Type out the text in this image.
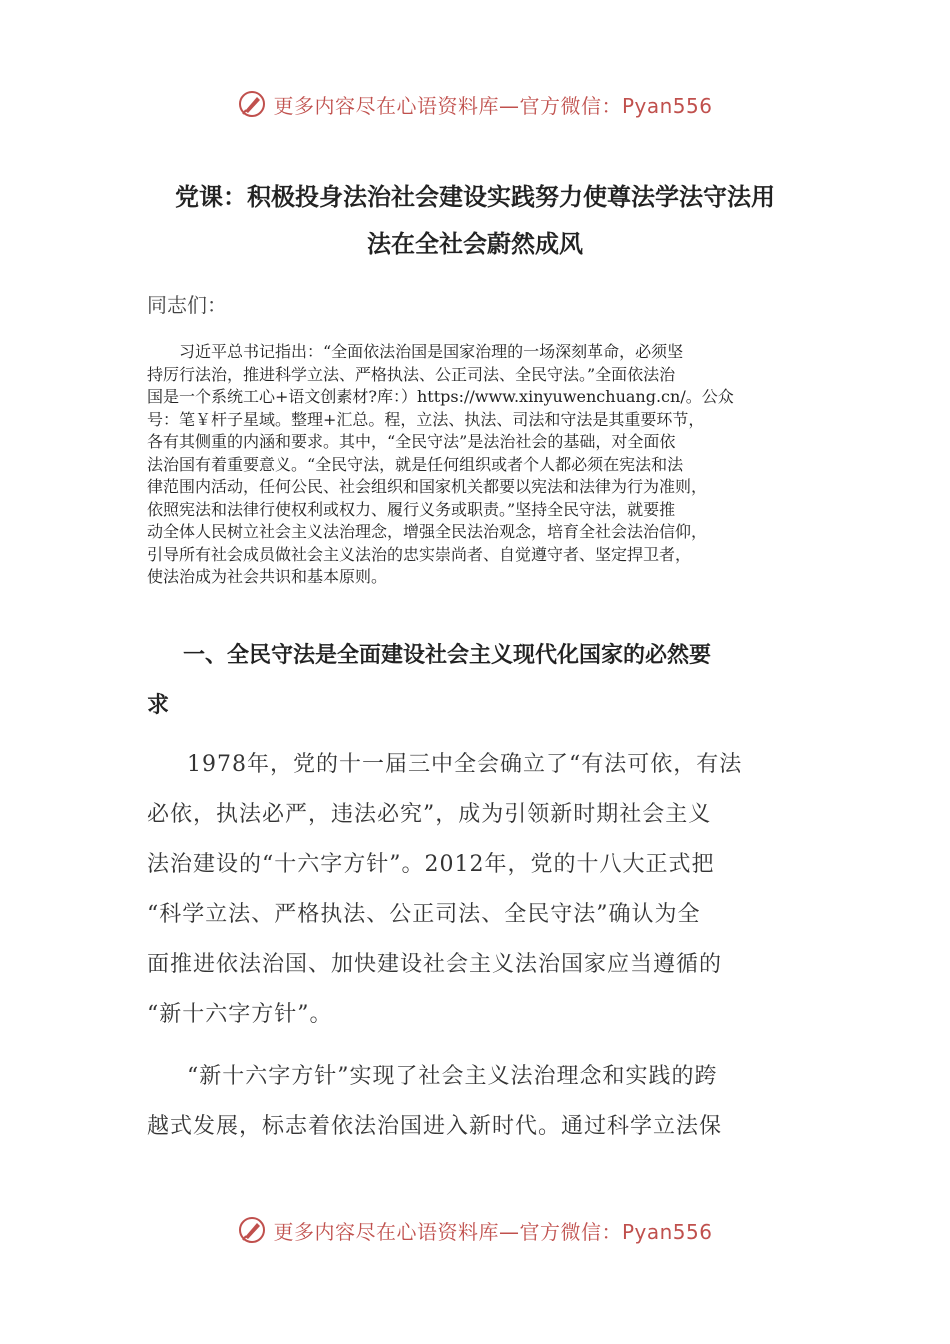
更多内容尽在心语资料库—官方微信：Pyan556
党课：积极投身法治社会建设实践努力使尊法学法守法用
法在全社会蔚然成风
同志们：
习近平总书记指出：“全面依法治国是国家治理的一场深刻革命，必须坚
持厉行法治，推进科学立法、严格执法、公正司法、全民守法。”全面依法治
国是一个系统工心+语文创素材?库：）https://www.xinyuwenchuang.cn/。公众
号：笔￥杆子星域。整理+汇总。程，立法、执法、司法和守法是其重要环节，
各有其侧重的内涵和要求。其中，“全民守法”是法治社会的基础，对全面依
法治国有着重要意义。“全民守法，就是任何组织或者个人都必须在宪法和法
律范围内活动，任何公民、社会组织和国家机关都要以宪法和法律为行为准则，
依照宪法和法律行使权利或权力、履行义务或职责。”坚持全民守法，就要推
动全体人民树立社会主义法治理念，增强全民法治观念，培育全社会法治信仰，
引导所有社会成员做社会主义法治的忠实崇尚者、自觉遵守者、坚定捍卫者，
使法治成为社会共识和基本原则。
一、全民守法是全面建设社会主义现代化国家的必然要
求
1978年，党的十一届三中全会确立了“有法可依，有法
必依，执法必严，违法必究”，成为引领新时期社会主义
法治建设的“十六字方针”。2012年，党的十八大正式把
“科学立法、严格执法、公正司法、全民守法”确认为全
面推进依法治国、加快建设社会主义法治国家应当遵循的
“新十六字方针”。
“新十六字方针”实现了社会主义法治理念和实践的跨
越式发展，标志着依法治国进入新时代。通过科学立法保
更多内容尽在心语资料库—官方微信：Pyan556
